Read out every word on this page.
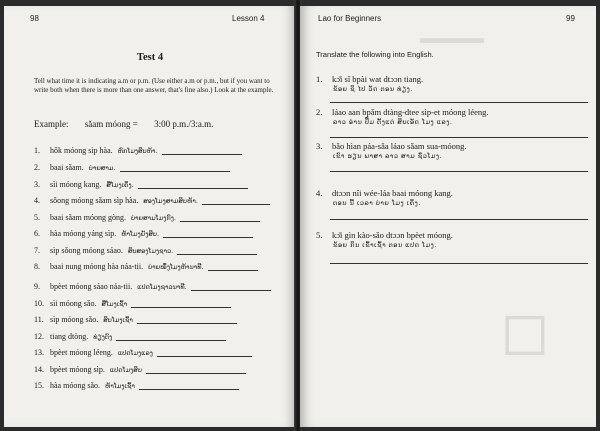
98	Lesson 4
Test 4
Tell what time it is indicating a.m or p.m. (Use either a.m or p.m., but if you want to write both when there is more than one answer, that's fine also.) Look at the example.
Example: sǎam móong = 3:00 p.m./3:a.m.
1. hǒk móong sìp hàa. ຫົກໂມງສິບຫ້າ.
2. baai sǎam. ບ່າຍສາມ.
3. sìi móong kang. ສີ່ໂມງເຄິ່ງ.
4. sǒong móong sǎam sìp hàa. ສອງໂມງສາມສິບຫ້າ.
5. baai sǎam móong gòng. ບ່າຍສາມໂມງກົງ.
6. hàa móong yáng sìp. ຫ້າໂມງຍັງສິບ.
7. sìp sǒong móong sáao. ສິບສອງໂມງຊາວ.
8. baai nung móong hàa náa-tii. ບ່າຍໜຶ່ງໂມງຫ້ານາທີ.
9. bpèet móong sáao náa-tii. ແປດໂມງຊາວນາທີ.
10. sìi móong sǎo. ສີ່ໂມງເຊົ້າ
11. sìp móong sǎo. ສິບໂມງເຊົ້າ
12. tiang dtòng. ທ່ຽງຕົງ
13. bpèet móong léeng. ແປດໂມງແລງ
14. bpèet móong sìp. ແປດໂມງສິບ
15. hàa móong sǎo. ຫ້າໂມງເຊົ້າ
Lao for Beginners	99
▬▬▬▬
◻
Translate the following into English.
1. kɔ̌i sǐ bpài wat dtɔɔn tiang.
ຂ້ອຍ ຊິ ໄປ ວັດ ຕອນ ທ່ຽງ.
2. láao aan bpǎm dtàng-dtee sìp-et móong léeng.
ລາວ ອ່ານ ປຶ້ມ ຕັ້ງແຕ່ ສິບເອັດ ໂມງ ແລງ.
3. bǎo hìan páa-sǎa láao sǎam sua-móong.
ເຂົາ ຮຽນ ພາສາ ລາວ ສາມ ຊົ່ວໂມງ.
4. dtɔɔn nîi wée-láa baai móong kang.
ຕອນ ນີ້ ເວລາ ບ່າຍ ໂມງ ເຄິ່ງ.
5. kɔ̌i gìn kào-sǎo dtɔɔn bpèet móong.
ຂ້ອຍ ກິນ ເຂົ້າເຊົ້າ ຕອນ ແປດ ໂມງ.
